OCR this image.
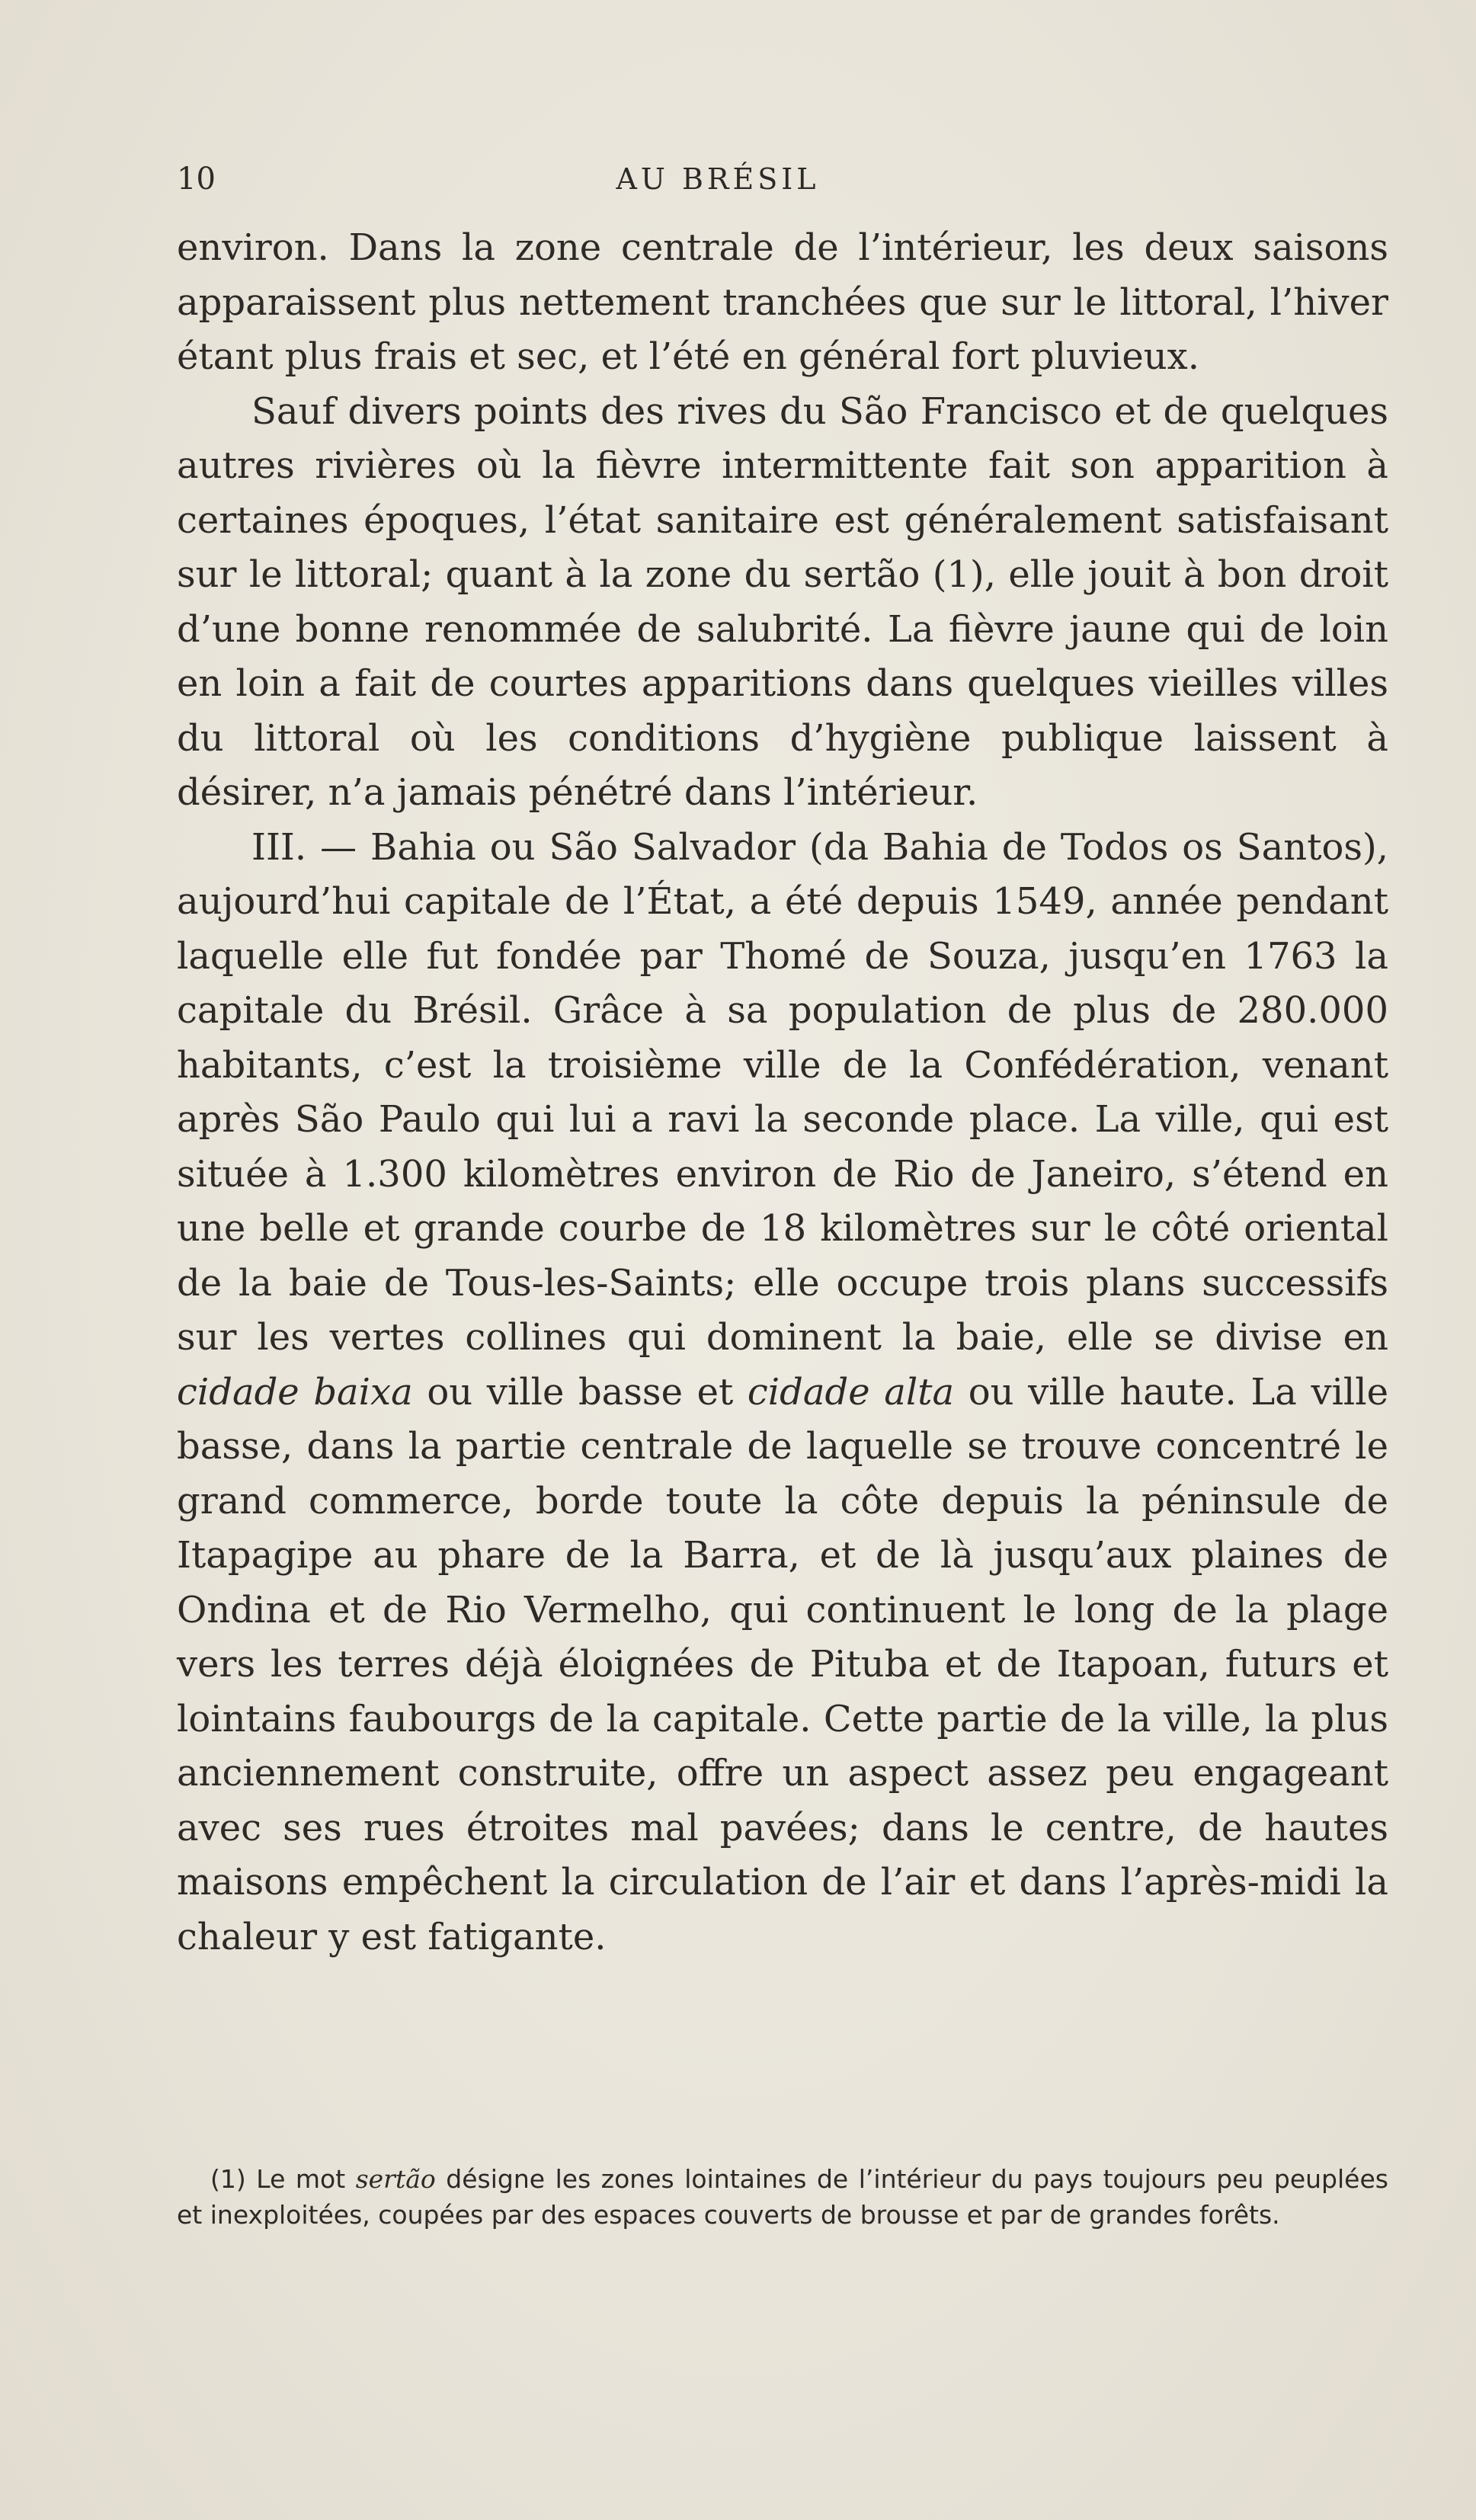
10	AU BRÉSIL

environ. Dans la zone centrale de l’intérieur, les deux saisons apparaissent plus nettement tranchées que sur le littoral, l’hiver étant plus frais et sec, et l’été en général fort pluvieux.

Sauf divers points des rives du São Francisco et de quelques autres rivières où la fièvre intermittente fait son apparition à certaines époques, l’état sanitaire est généralement satisfaisant sur le littoral; quant à la zone du sertão (1), elle jouit à bon droit d’une bonne renommée de salubrité. La fièvre jaune qui de loin en loin a fait de courtes apparitions dans quelques vieilles villes du littoral où les conditions d’hygiène publique laissent à désirer, n’a jamais pénétré dans l’intérieur.

III. — Bahia ou São Salvador (da Bahia de Todos os Santos), aujourd’hui capitale de l’État, a été depuis 1549, année pendant laquelle elle fut fondée par Thomé de Souza, jusqu’en 1763 la capitale du Brésil. Grâce à sa population de plus de 280.000 habitants, c’est la troisième ville de la Confédération, venant après São Paulo qui lui a ravi la seconde place. La ville, qui est située à 1.300 kilomètres environ de Rio de Janeiro, s’étend en une belle et grande courbe de 18 kilomètres sur le côté oriental de la baie de Tous-les-Saints; elle occupe trois plans successifs sur les vertes collines qui dominent la baie, elle se divise en cidade baixa ou ville basse et cidade alta ou ville haute. La ville basse, dans la partie centrale de laquelle se trouve concentré le grand commerce, borde toute la côte depuis la péninsule de Itapagipe au phare de la Barra, et de là jusqu’aux plaines de Ondina et de Rio Vermelho, qui continuent le long de la plage vers les terres déjà éloignées de Pituba et de Itapoan, futurs et lointains faubourgs de la capitale. Cette partie de la ville, la plus anciennement construite, offre un aspect assez peu engageant avec ses rues étroites mal pavées; dans le centre, de hautes maisons empêchent la circulation de l’air et dans l’après-midi la chaleur y est fatigante.

(1) Le mot sertão désigne les zones lointaines de l’intérieur du pays toujours peu peuplées et inexploitées, coupées par des espaces couverts de brousse et par de grandes forêts.
